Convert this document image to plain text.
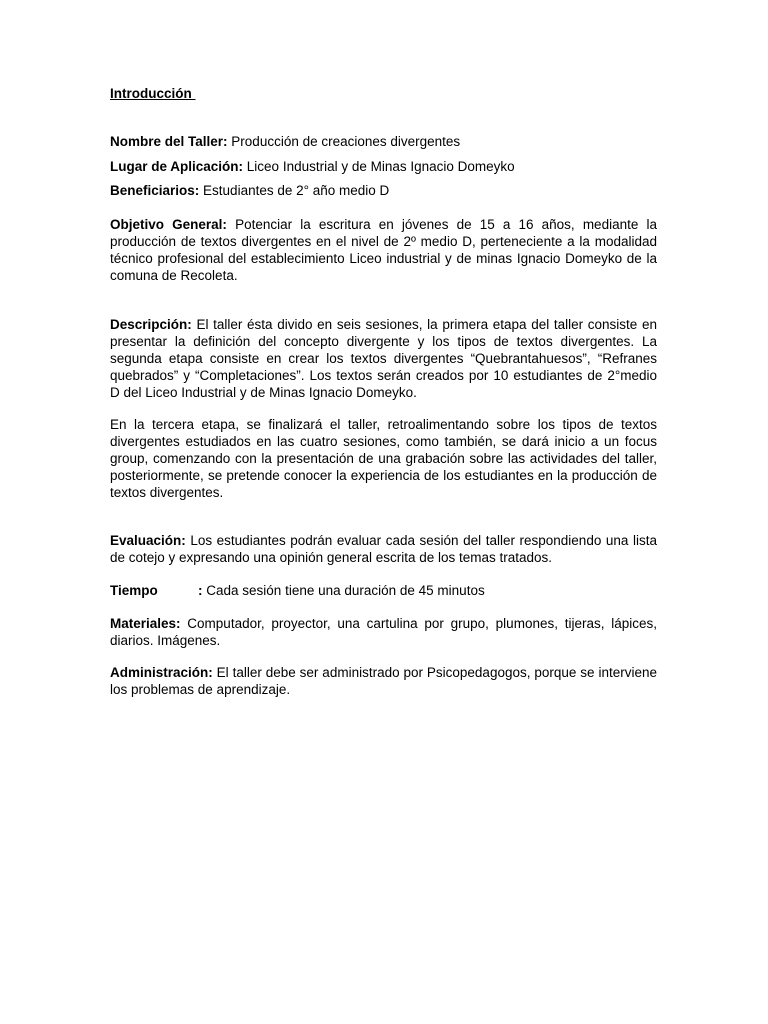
Introducción

Nombre del Taller: Producción de creaciones divergentes

Lugar de Aplicación: Liceo Industrial y de Minas Ignacio Domeyko

Beneficiarios: Estudiantes de 2° año medio D

Objetivo General: Potenciar la escritura en jóvenes de 15 a 16 años, mediante la producción de textos divergentes en el nivel de 2º medio D, perteneciente a la modalidad técnico profesional del establecimiento Liceo industrial y de minas Ignacio Domeyko de la comuna de Recoleta.

Descripción: El taller ésta divido en seis sesiones, la primera etapa del taller consiste en presentar la definición del concepto divergente y los tipos de textos divergentes. La segunda etapa consiste en crear los textos divergentes “Quebrantahuesos”, “Refranes quebrados” y “Completaciones”. Los textos serán creados por 10 estudiantes de 2°medio D del Liceo Industrial y de Minas Ignacio Domeyko.

En la tercera etapa, se finalizará el taller, retroalimentando sobre los tipos de textos divergentes estudiados en las cuatro sesiones, como también, se dará inicio a un focus group, comenzando con la presentación de una grabación sobre las actividades del taller, posteriormente, se pretende conocer la experiencia de los estudiantes en la producción de textos divergentes.

Evaluación: Los estudiantes podrán evaluar cada sesión del taller respondiendo una lista de cotejo y expresando una opinión general escrita de los temas tratados.

Tiempo	: Cada sesión tiene una duración de 45 minutos

Materiales: Computador, proyector, una cartulina por grupo, plumones, tijeras, lápices, diarios. Imágenes.

Administración: El taller debe ser administrado por Psicopedagogos, porque se interviene los problemas de aprendizaje.
